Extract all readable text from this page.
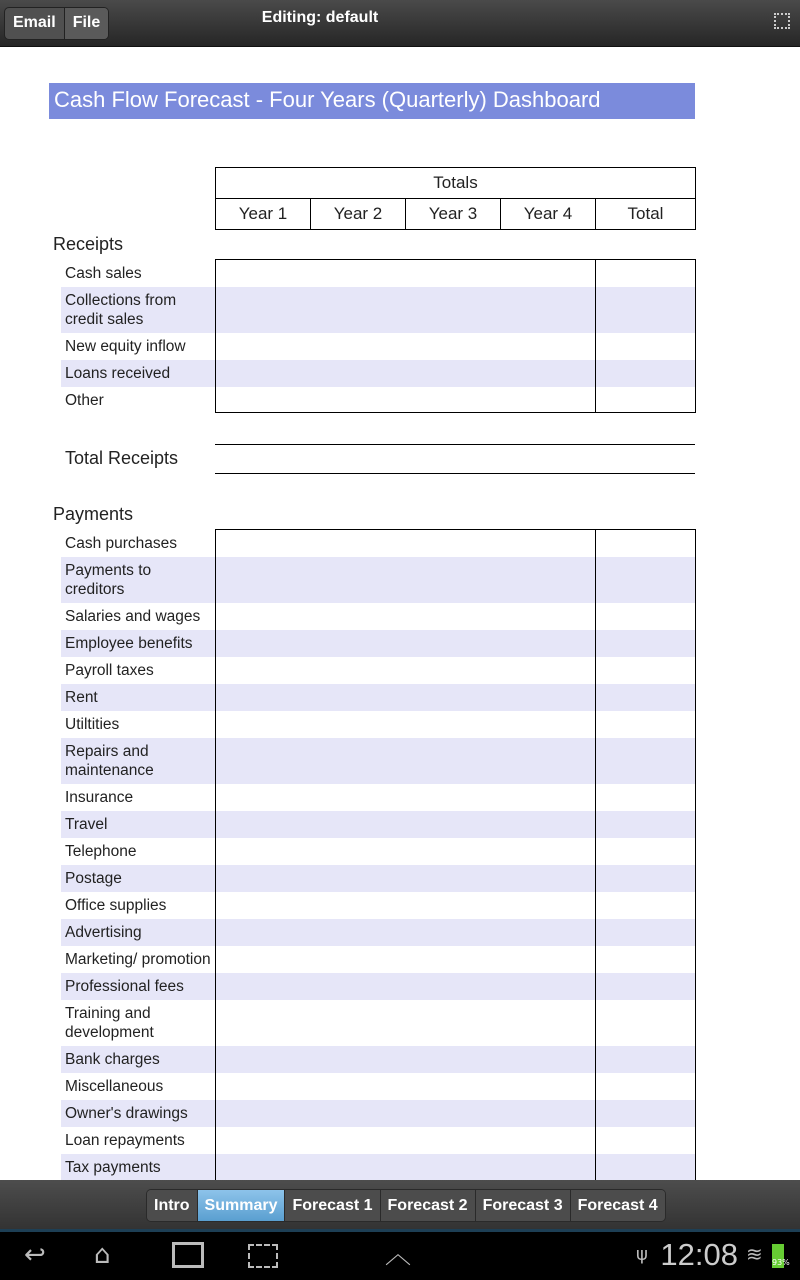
Email	File	Editing: default
Cash Flow Forecast - Four Years (Quarterly) Dashboard
Totals
Year 1	Year 2	Year 3	Year 4	Total
Receipts
Cash sales
Collections from credit sales
New equity inflow
Loans received
Other
Total Receipts
Payments
Cash purchases
Payments to creditors
Salaries and wages
Employee benefits
Payroll taxes
Rent
Utiltities
Repairs and maintenance
Insurance
Travel
Telephone
Postage
Office supplies
Advertising
Marketing/ promotion
Professional fees
Training and development
Bank charges
Miscellaneous
Owner's drawings
Loan repayments
Tax payments
Intro Summary Forecast 1 Forecast 2 Forecast 3 Forecast 4
↩ ⌂	︿	ψ 12:08 ≋ 93%
